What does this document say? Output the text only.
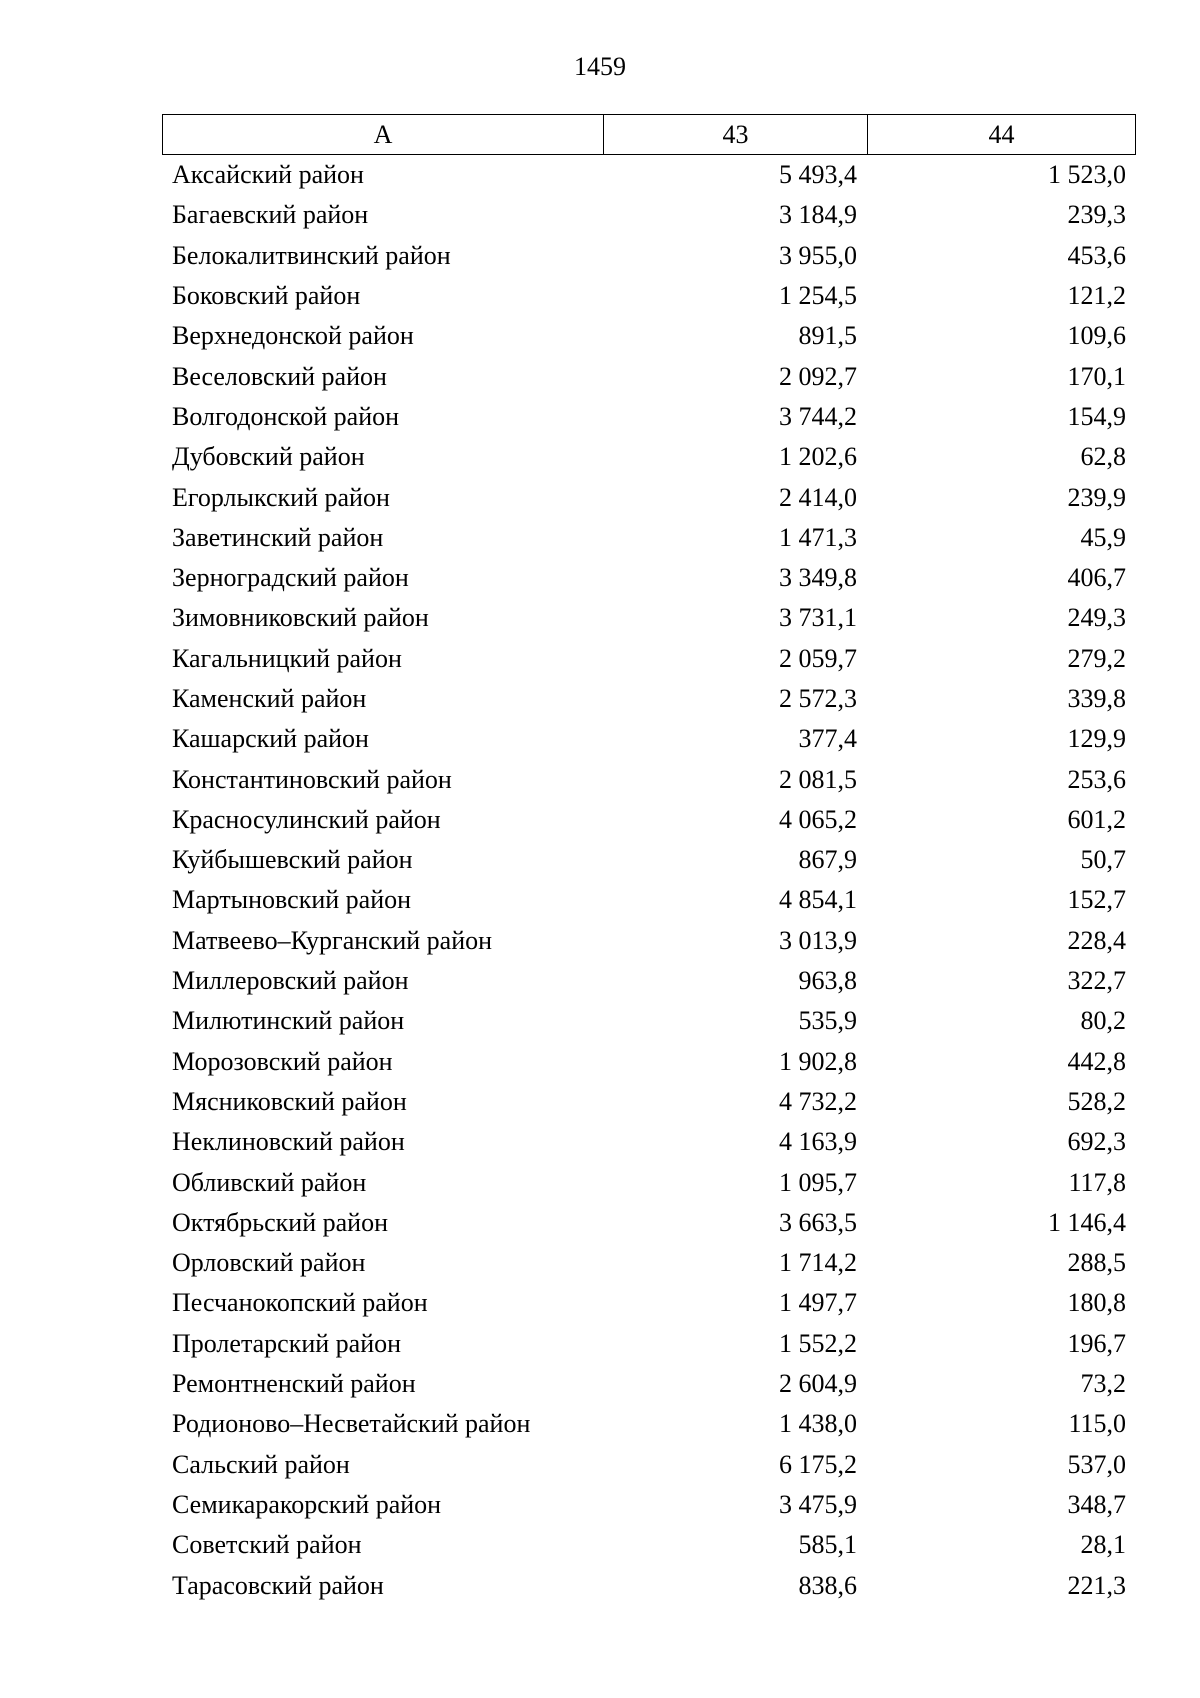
1459
А	43	44
Аксайский район	5 493,4	1 523,0
Багаевский район	3 184,9	239,3
Белокалитвинский район	3 955,0	453,6
Боковский район	1 254,5	121,2
Верхнедонской район	891,5	109,6
Веселовский район	2 092,7	170,1
Волгодонской район	3 744,2	154,9
Дубовский район	1 202,6	62,8
Егорлыкский район	2 414,0	239,9
Заветинский район	1 471,3	45,9
Зерноградский район	3 349,8	406,7
Зимовниковский район	3 731,1	249,3
Кагальницкий район	2 059,7	279,2
Каменский район	2 572,3	339,8
Кашарский район	377,4	129,9
Константиновский район	2 081,5	253,6
Красносулинский район	4 065,2	601,2
Куйбышевский район	867,9	50,7
Мартыновский район	4 854,1	152,7
Матвеево–Курганский район	3 013,9	228,4
Миллеровский район	963,8	322,7
Милютинский район	535,9	80,2
Морозовский район	1 902,8	442,8
Мясниковский район	4 732,2	528,2
Неклиновский район	4 163,9	692,3
Обливский район	1 095,7	117,8
Октябрьский район	3 663,5	1 146,4
Орловский район	1 714,2	288,5
Песчанокопский район	1 497,7	180,8
Пролетарский район	1 552,2	196,7
Ремонтненский район	2 604,9	73,2
Родионово–Несветайский район	1 438,0	115,0
Сальский район	6 175,2	537,0
Семикаракорский район	3 475,9	348,7
Советский район	585,1	28,1
Тарасовский район	838,6	221,3
